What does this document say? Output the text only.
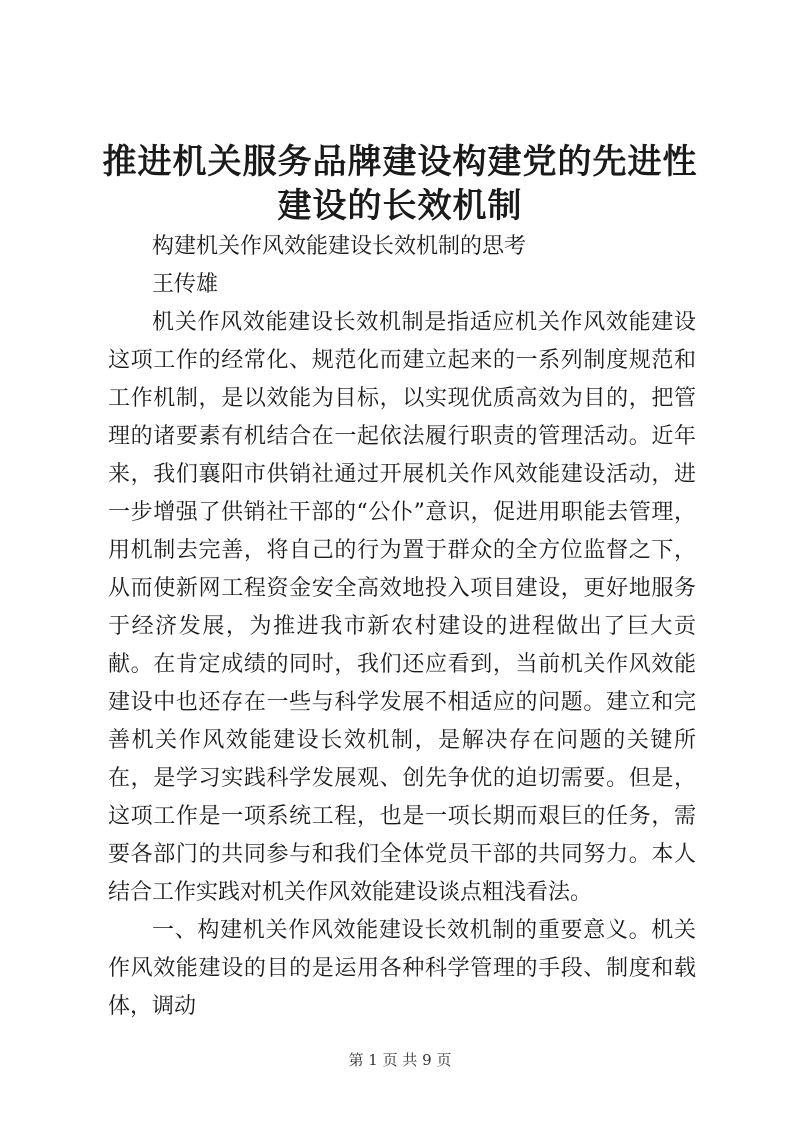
推进机关服务品牌建设构建党的先进性建设的长效机制

构建机关作风效能建设长效机制的思考

王传雄

机关作风效能建设长效机制是指适应机关作风效能建设这项工作的经常化、规范化而建立起来的一系列制度规范和工作机制，是以效能为目标，以实现优质高效为目的，把管理的诸要素有机结合在一起依法履行职责的管理活动。近年来，我们襄阳市供销社通过开展机关作风效能建设活动，进一步增强了供销社干部的“公仆”意识，促进用职能去管理，用机制去完善，将自己的行为置于群众的全方位监督之下，从而使新网工程资金安全高效地投入项目建设，更好地服务于经济发展，为推进我市新农村建设的进程做出了巨大贡献。在肯定成绩的同时，我们还应看到，当前机关作风效能建设中也还存在一些与科学发展不相适应的问题。建立和完善机关作风效能建设长效机制，是解决存在问题的关键所在，是学习实践科学发展观、创先争优的迫切需要。但是，这项工作是一项系统工程，也是一项长期而艰巨的任务，需要各部门的共同参与和我们全体党员干部的共同努力。本人结合工作实践对机关作风效能建设谈点粗浅看法。

一、构建机关作风效能建设长效机制的重要意义。机关作风效能建设的目的是运用各种科学管理的手段、制度和载体，调动

第 1 页 共 9 页
